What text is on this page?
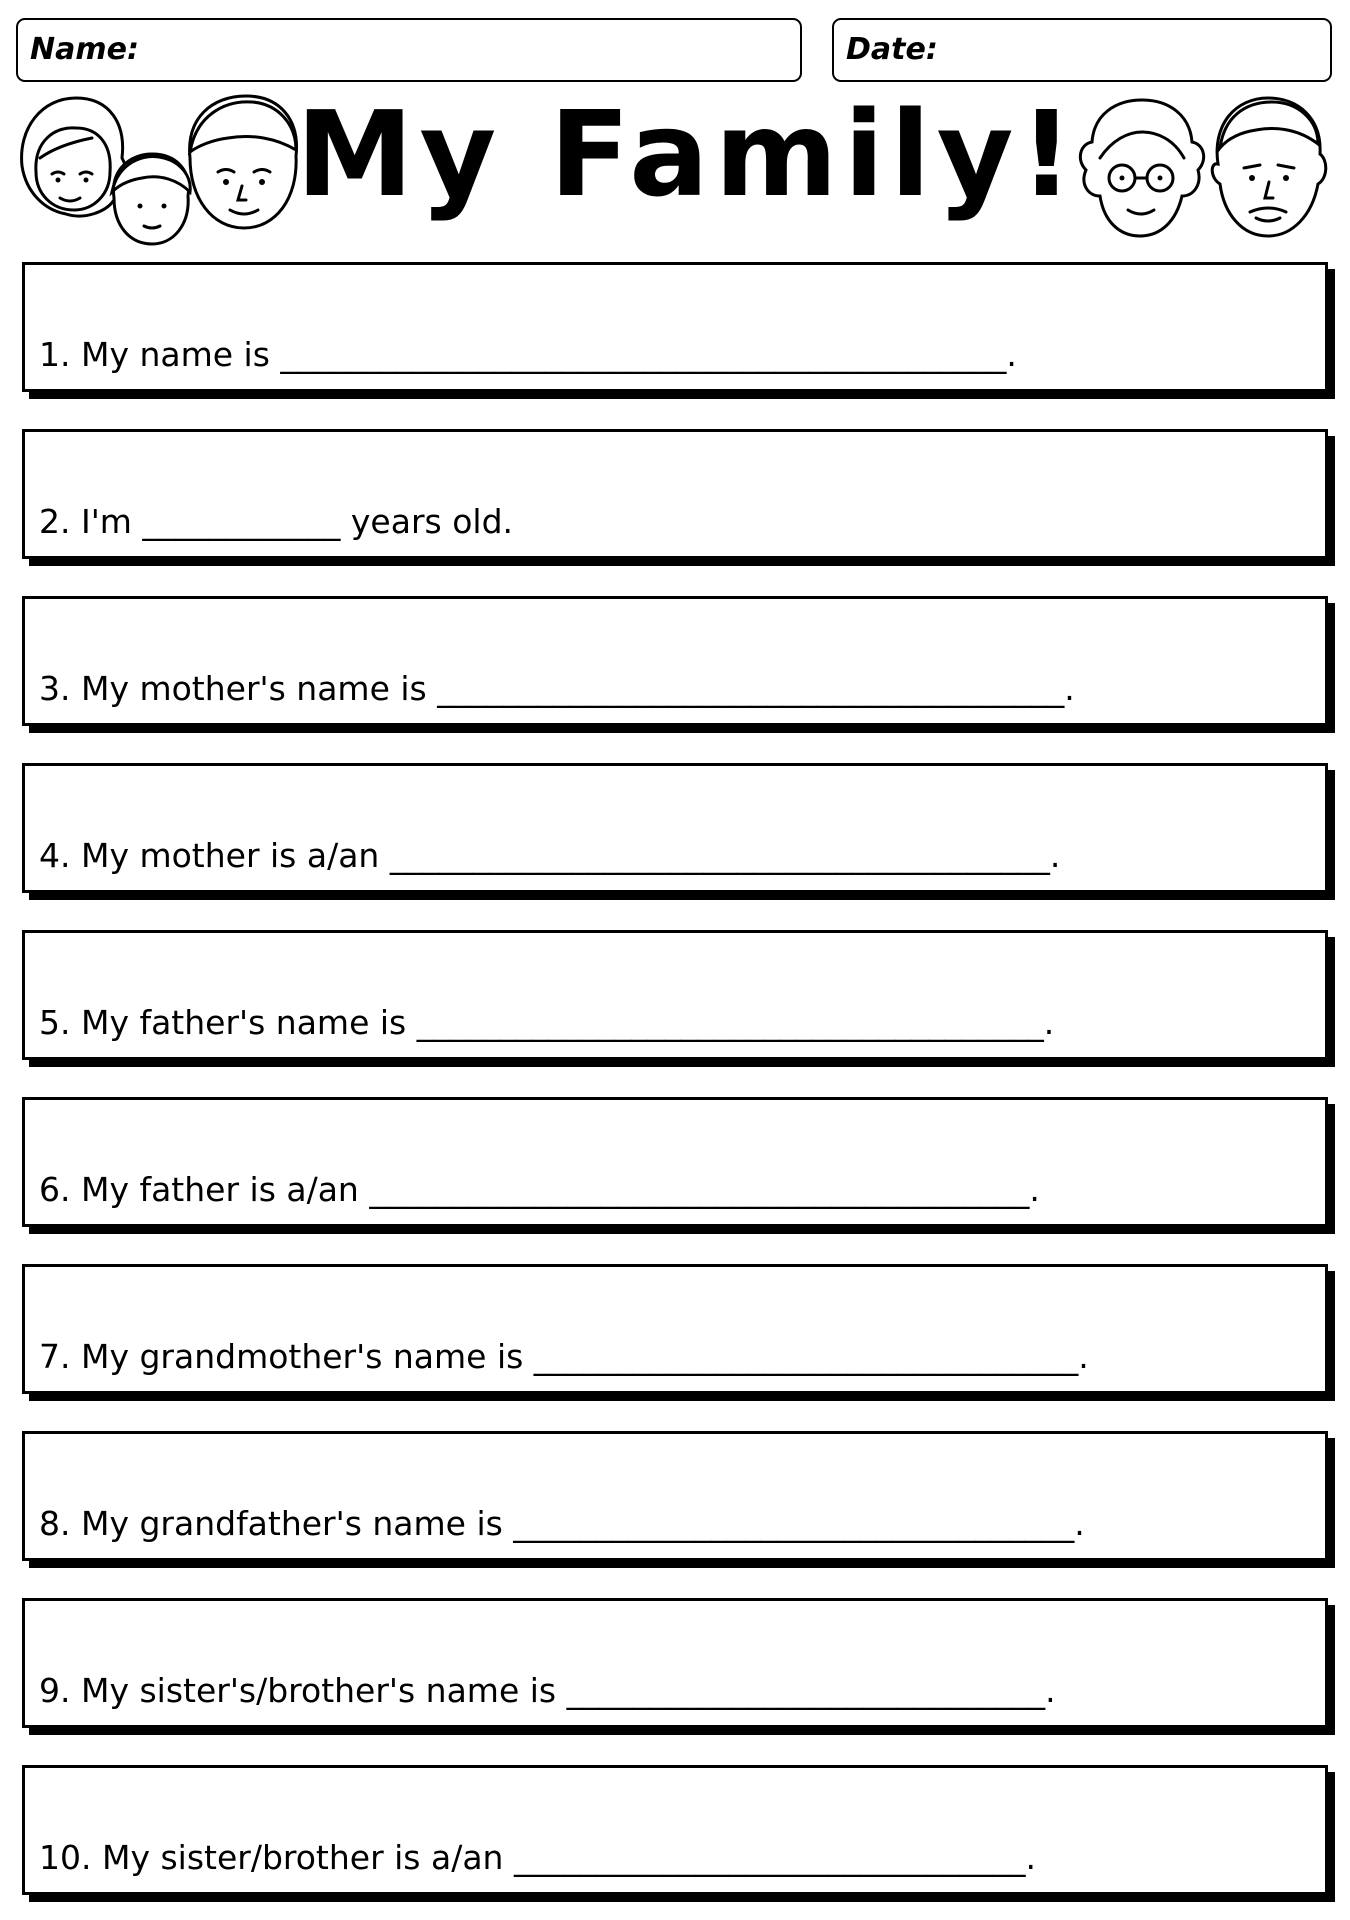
Name:	Date:
My Family!
1. My name is ____________________________________________.
2. I'm ____________ years old.
3. My mother's name is ______________________________________.
4. My mother is a/an ________________________________________.
5. My father's name is ______________________________________.
6. My father is a/an ________________________________________.
7. My grandmother's name is _________________________________.
8. My grandfather's name is __________________________________.
9. My sister's/brother's name is _____________________________.
10. My sister/brother is a/an _______________________________.
